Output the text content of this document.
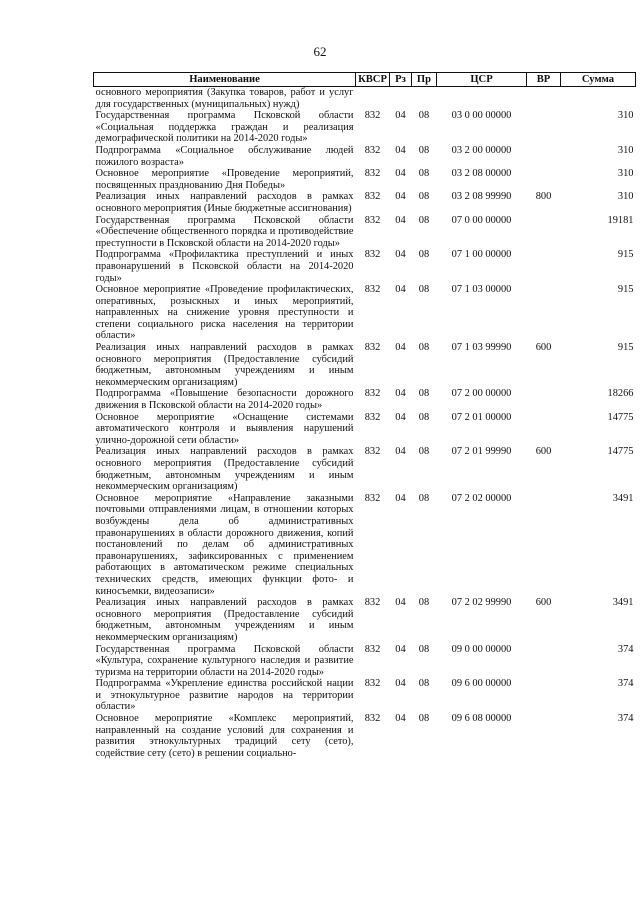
62
Наименование	КВСР	Рз	Пр	ЦСР	ВР	Сумма
основного мероприятия (Закупка товаров, работ и услуг для государственных (муниципальных) нужд)						
Государственная программа Псковской области «Социальная поддержка граждан и реализация демографической политики на 2014-2020 годы»	832	04	08	03 0 00 00000		310
Подпрограмма «Социальное обслуживание людей пожилого возраста»	832	04	08	03 2 00 00000		310
Основное мероприятие «Проведение мероприятий, посвященных празднованию Дня Победы»	832	04	08	03 2 08 00000		310
Реализация иных направлений расходов в рамках основного мероприятия (Иные бюджетные ассигнования)	832	04	08	03 2 08 99990	800	310
Государственная программа Псковской области «Обеспечение общественного порядка и противодействие преступности в Псковской области на 2014-2020 годы»	832	04	08	07 0 00 00000		19181
Подпрограмма «Профилактика преступлений и иных правонарушений в Псковской области на 2014-2020 годы»	832	04	08	07 1 00 00000		915
Основное мероприятие «Проведение профилактических, оперативных, розыскных и иных мероприятий, направленных на снижение уровня преступности и степени социального риска населения на территории области»	832	04	08	07 1 03 00000		915
Реализация иных направлений расходов в рамках основного мероприятия (Предоставление субсидий бюджетным, автономным учреждениям и иным некоммерческим организациям)	832	04	08	07 1 03 99990	600	915
Подпрограмма «Повышение безопасности дорожного движения в Псковской области на 2014-2020 годы»	832	04	08	07 2 00 00000		18266
Основное мероприятие «Оснащение системами автоматического контроля и выявления нарушений улично-дорожной сети области»	832	04	08	07 2 01 00000		14775
Реализация иных направлений расходов в рамках основного мероприятия (Предоставление субсидий бюджетным, автономным учреждениям и иным некоммерческим организациям)	832	04	08	07 2 01 99990	600	14775
Основное мероприятие «Направление заказными почтовыми отправлениями лицам, в отношении которых возбуждены дела об административных правонарушениях в области дорожного движения, копий постановлений по делам об административных правонарушениях, зафиксированных с применением работающих в автоматическом режиме специальных технических средств, имеющих функции фото- и киносъемки, видеозаписи»	832	04	08	07 2 02 00000		3491
Реализация иных направлений расходов в рамках основного мероприятия (Предоставление субсидий бюджетным, автономным учреждениям и иным некоммерческим организациям)	832	04	08	07 2 02 99990	600	3491
Государственная программа Псковской области «Культура, сохранение культурного наследия и развитие туризма на территории области на 2014-2020 годы»	832	04	08	09 0 00 00000		374
Подпрограмма «Укрепление единства российской нации и этнокультурное развитие народов на территории области»	832	04	08	09 6 00 00000		374
Основное мероприятие «Комплекс мероприятий, направленный на создание условий для сохранения и развития этнокультурных традиций сету (сето), содействие сету (сето) в решении социально-	832	04	08	09 6 08 00000		374
